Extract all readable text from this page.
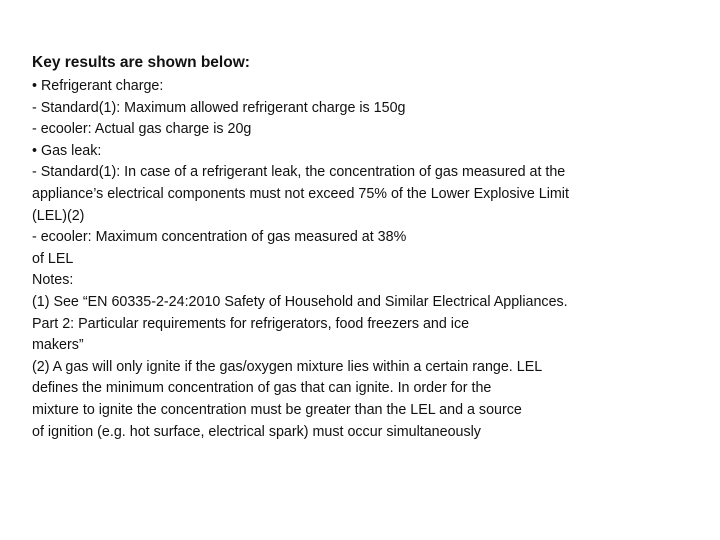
Key results are shown below:
• Refrigerant charge:
- Standard(1): Maximum allowed refrigerant charge is 150g
- ecooler: Actual gas charge is 20g
• Gas leak:
- Standard(1): In case of a refrigerant leak, the concentration of gas measured at the
appliance’s electrical components must not exceed 75% of the Lower Explosive Limit
(LEL)(2)
- ecooler: Maximum concentration of gas measured at 38%
of LEL
Notes:
(1) See “EN 60335-2-24:2010 Safety of Household and Similar Electrical Appliances.
Part 2: Particular requirements for refrigerators, food freezers and ice
makers”
(2) A gas will only ignite if the gas/oxygen mixture lies within a certain range. LEL
defines the minimum concentration of gas that can ignite. In order for the
mixture to ignite the concentration must be greater than the LEL and a source
of ignition (e.g. hot surface, electrical spark) must occur simultaneously
